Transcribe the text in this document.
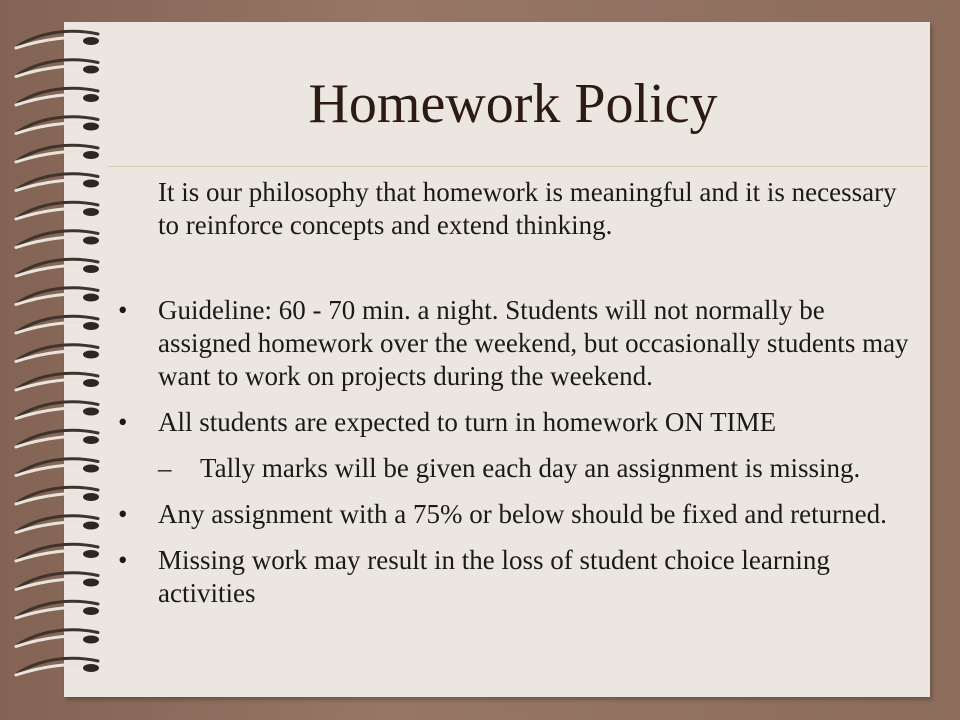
Homework Policy
It is our philosophy that homework is meaningful and it is necessary to reinforce concepts and extend thinking.
•	Guideline: 60 - 70 min. a night. Students will not normally be assigned homework over the weekend, but occasionally students may want to work on projects during the weekend.
•	All students are expected to turn in homework ON TIME
–	Tally marks will be given each day an assignment is missing.
•	Any assignment with a 75% or below should be fixed and returned.
•	Missing work may result in the loss of student choice learning activities
